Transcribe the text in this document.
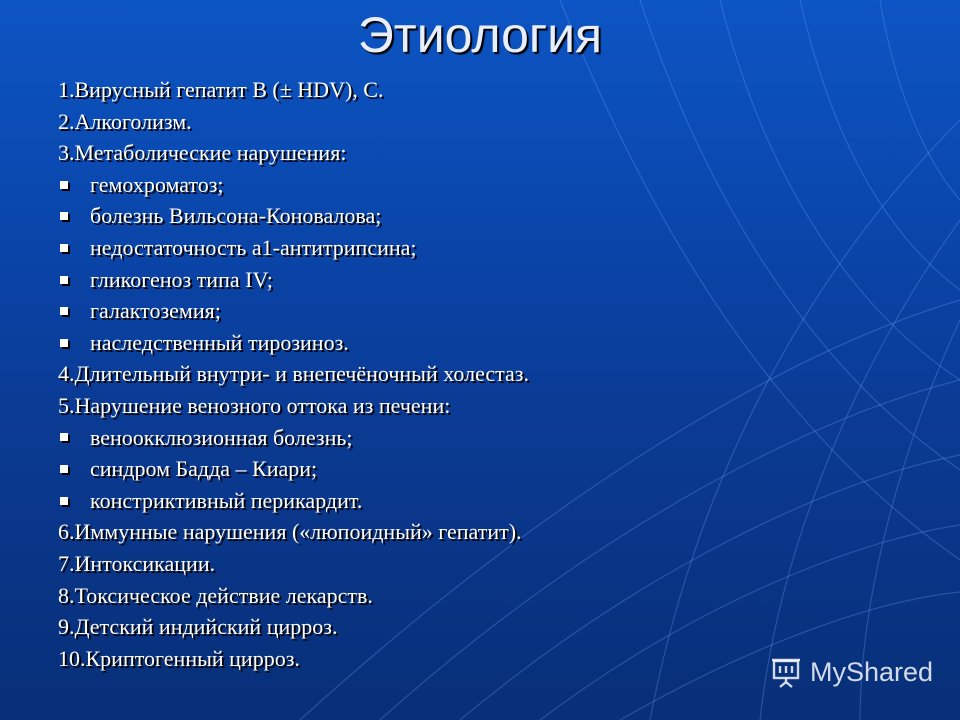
Этиология
1.Вирусный гепатит В (± HDV), С.
2.Алкоголизм.
3.Метаболические нарушения:
гемохроматоз;
болезнь Вильсона-Коновалова;
недостаточность а1-антитрипсина;
гликогеноз типа IV;
галактоземия;
наследственный тирозиноз.
4.Длительный внутри- и внепечёночный холестаз.
5.Нарушение венозного оттока из печени:
веноокклюзионная болезнь;
синдром Бадда – Киари;
констриктивный перикардит.
6.Иммунные нарушения («люпоидный» гепатит).
7.Интоксикации.
8.Токсическое действие лекарств.
9.Детский индийский цирроз.
10.Криптогенный цирроз.	MyShared
